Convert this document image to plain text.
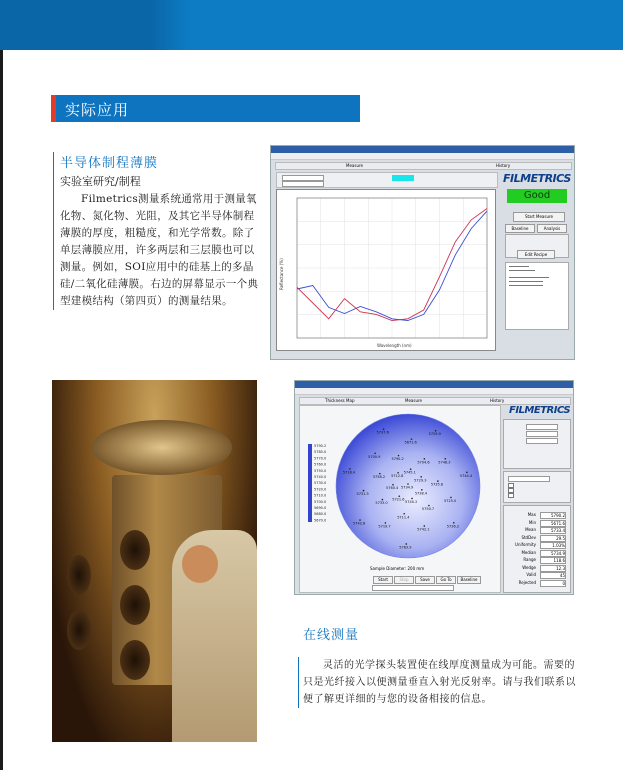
实际应用

半导体制程薄膜

实验室研究/制程

Filmetrics测量系统通常用于测量氧化物、氮化物、光阻，及其它半导体制程薄膜的厚度，粗糙度，和光学常数。除了单层薄膜应用，许多两层和三层膜也可以测量。例如，SOI应用中的硅基上的多晶硅/二氧化硅薄膜。右边的屏幕显示一个典型建模结构（第四页）的测量结果。

Measure	History
Wavelength (nm)
Reflectance (%)
FILMETRICS
Good
Start Measure
Baseline	Analysis
Edit Recipe
Thickness Map	Measure	History
5790.2
5780.0
5770.0
5760.0
5750.0
5740.0
5730.0
5720.0
5710.0
5700.0
5690.0
5680.0
5670.0
5734.9
5738.4
5740.2
5721.6
5760.4
5712.8
5745.1
5729.3
5750.7
5711.4
5733.0
5758.2
5790.2
5704.6
5735.8
5742.1
5719.7
5731.5
5700.9
5671.6
5748.3
5725.0
5763.9
5742.8
5718.4
5737.6	5729.9
5744.4
5736.2
Sample Diameter: 200 mm
Start	Stop	Save	Go To	Baseline
FILMETRICS
Max	5790.2
Min	5671.6
Mean	5733.4
StdDev	29.5
Uniformity	1.03%
Median	5734.9
Range	118.6
Wedge	12.3
Valid	45
Rejected	0

在线测量

灵活的光学探头装置使在线厚度测量成为可能。需要的只是光纤接入以便测量垂直入射光反射率。请与我们联系以便了解更详细的与您的设备相接的信息。
